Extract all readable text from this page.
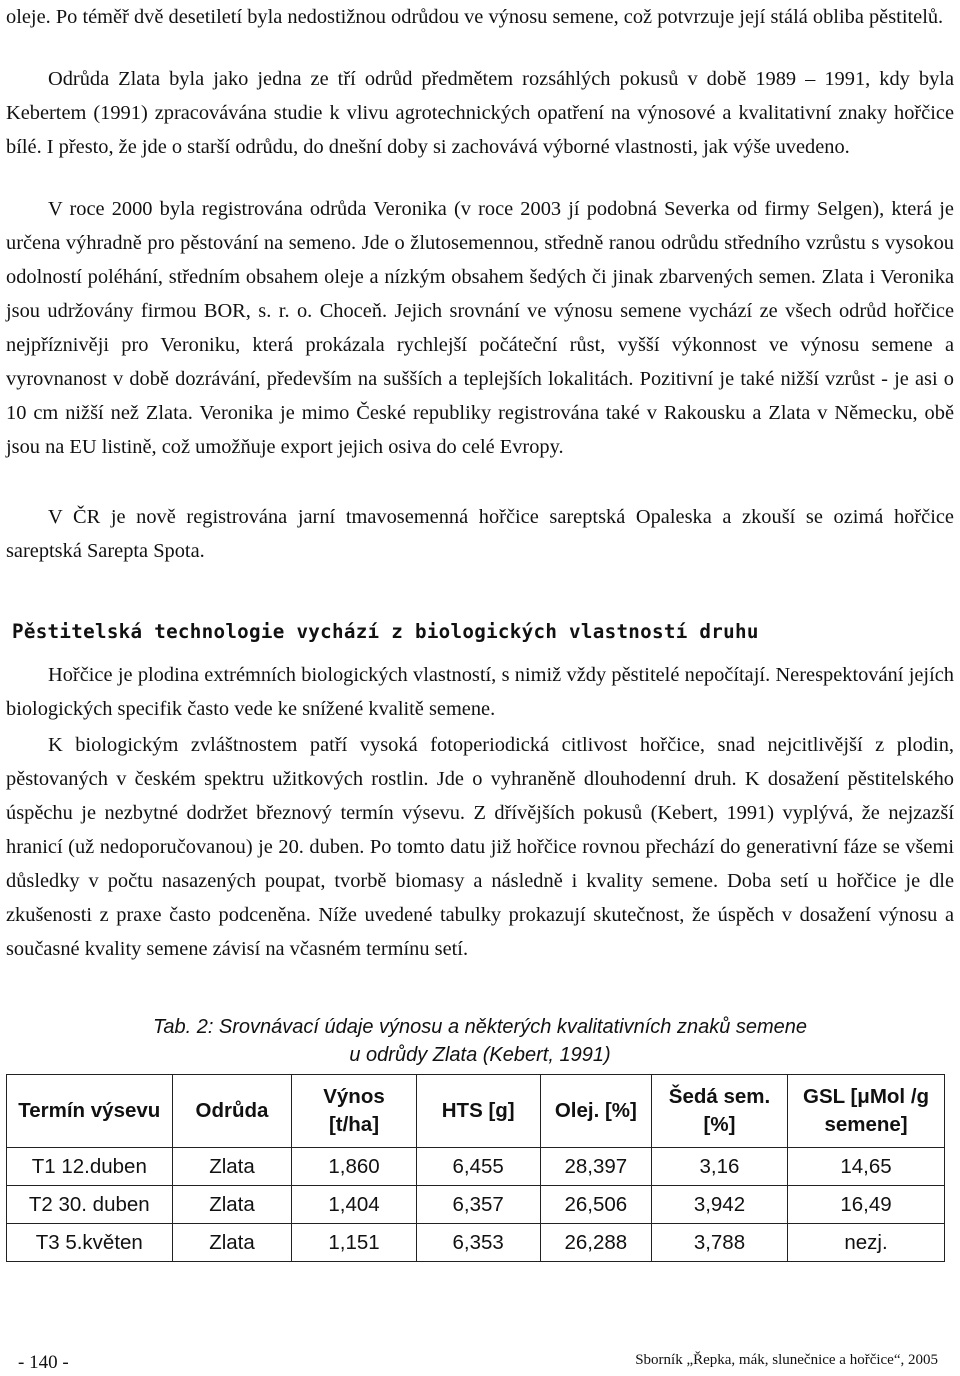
oleje. Po téměř dvě desetiletí byla nedostižnou odrůdou ve výnosu semene, což potvrzuje její stálá obliba pěstitelů.

Odrůda Zlata byla jako jedna ze tří odrůd předmětem rozsáhlých pokusů v době 1989 – 1991, kdy byla Kebertem (1991) zpracovávána studie k vlivu agrotechnických opatření na výnosové a kvalitativní znaky hořčice bílé. I přesto, že jde o starší odrůdu, do dnešní doby si zachovává výborné vlastnosti, jak výše uvedeno.

V roce 2000 byla registrována odrůda Veronika (v roce 2003 jí podobná Severka od firmy Selgen), která je určena výhradně pro pěstování na semeno. Jde o žlutosemennou, středně ranou odrůdu středního vzrůstu s vysokou odolností poléhání, středním obsahem oleje a nízkým obsahem šedých či jinak zbarvených semen. Zlata i Veronika jsou udržovány firmou BOR, s. r. o. Choceň. Jejich srovnání ve výnosu semene vychází ze všech odrůd hořčice nejpříznivěji pro Veroniku, která prokázala rychlejší počáteční růst, vyšší výkonnost ve výnosu semene a vyrovnanost v době dozrávání, především na sušších a teplejších lokalitách. Pozitivní je také nižší vzrůst - je asi o 10 cm nižší než Zlata. Veronika je mimo České republiky registrována také v Rakousku a Zlata v Německu, obě jsou na EU listině, což umožňuje export jejich osiva do celé Evropy.

V ČR je nově registrována jarní tmavosemenná hořčice sareptská Opaleska a zkouší se ozimá hořčice sareptská Sarepta Spota.

Pěstitelská technologie vychází z biologických vlastností druhu

Hořčice je plodina extrémních biologických vlastností, s nimiž vždy pěstitelé nepočítají. Nerespektování jejích biologických specifik často vede ke snížené kvalitě semene.

K biologickým zvláštnostem patří vysoká fotoperiodická citlivost hořčice, snad nejcitlivější z plodin, pěstovaných v českém spektru užitkových rostlin. Jde o vyhraněně dlouhodenní druh. K dosažení pěstitelského úspěchu je nezbytné dodržet březnový termín výsevu. Z dřívějších pokusů (Kebert, 1991) vyplývá, že nejzazší hranicí (už nedoporučovanou) je 20. duben. Po tomto datu již hořčice rovnou přechází do generativní fáze se všemi důsledky v počtu nasazených poupat, tvorbě biomasy a následně i kvality semene. Doba setí u hořčice je dle zkušenosti z praxe často podceněna. Níže uvedené tabulky prokazují skutečnost, že úspěch v dosažení výnosu a současné kvality semene závisí na včasném termínu setí.

Tab. 2: Srovnávací údaje výnosu a některých kvalitativních znaků semene

u odrůdy Zlata (Kebert, 1991)

Termín výsevu	Odrůda	Výnos [t/ha]	HTS [g]	Olej. [%]	Šedá sem.[%]	GSL [μMol /g semene]
T1 12.duben	Zlata	1,860	6,455	28,397	3,16	14,65
T2 30. duben	Zlata	1,404	6,357	26,506	3,942	16,49
T3 5.květen	Zlata	1,151	6,353	26,288	3,788	nezj.

- 140 -	Sborník „Řepka, mák, slunečnice a hořčice“, 2005
